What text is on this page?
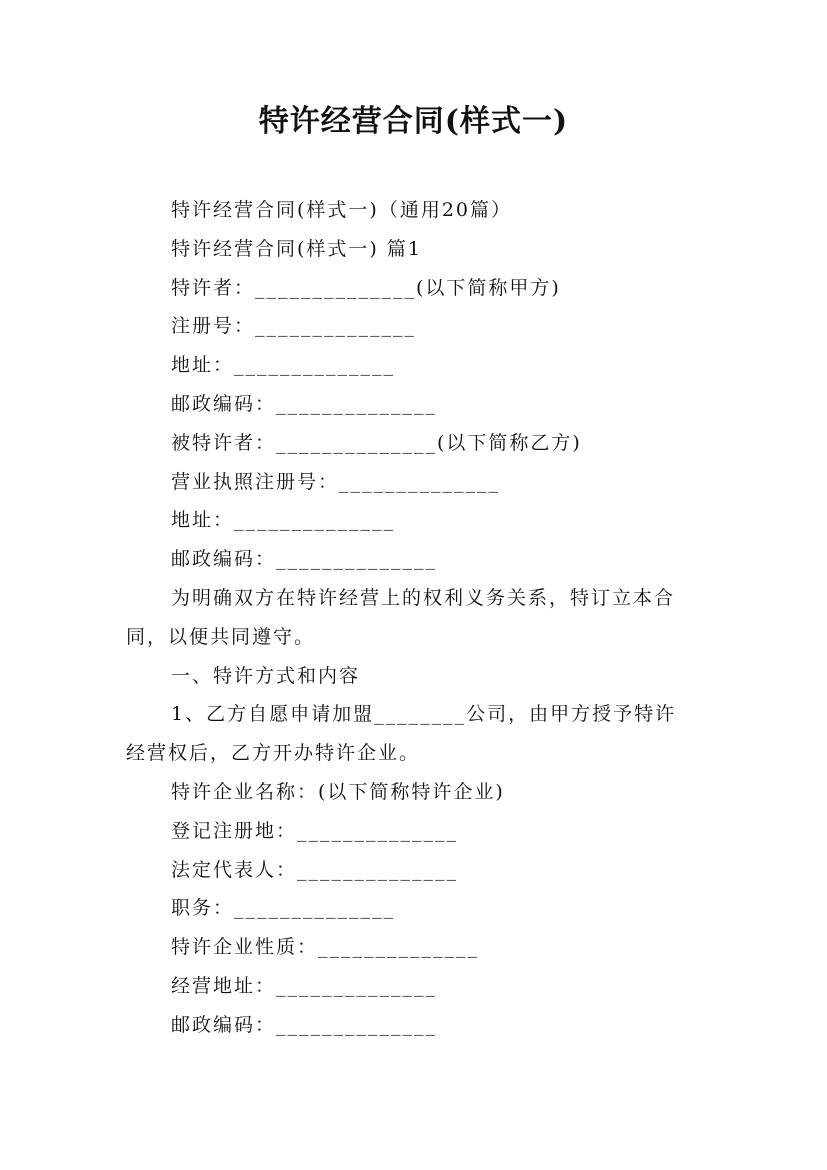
特许经营合同(样式一)

特许经营合同(样式一)（通用20篇）

特许经营合同(样式一) 篇1

特许者：______________(以下简称甲方)

注册号：______________

地址：______________

邮政编码：______________

被特许者：______________(以下简称乙方)

营业执照注册号：______________

地址：______________

邮政编码：______________

为明确双方在特许经营上的权利义务关系，特订立本合

同，以便共同遵守。

一、特许方式和内容

1、乙方自愿申请加盟________公司，由甲方授予特许

经营权后，乙方开办特许企业。

特许企业名称：(以下简称特许企业)

登记注册地：______________

法定代表人：______________

职务：______________

特许企业性质：______________

经营地址：______________

邮政编码：______________
